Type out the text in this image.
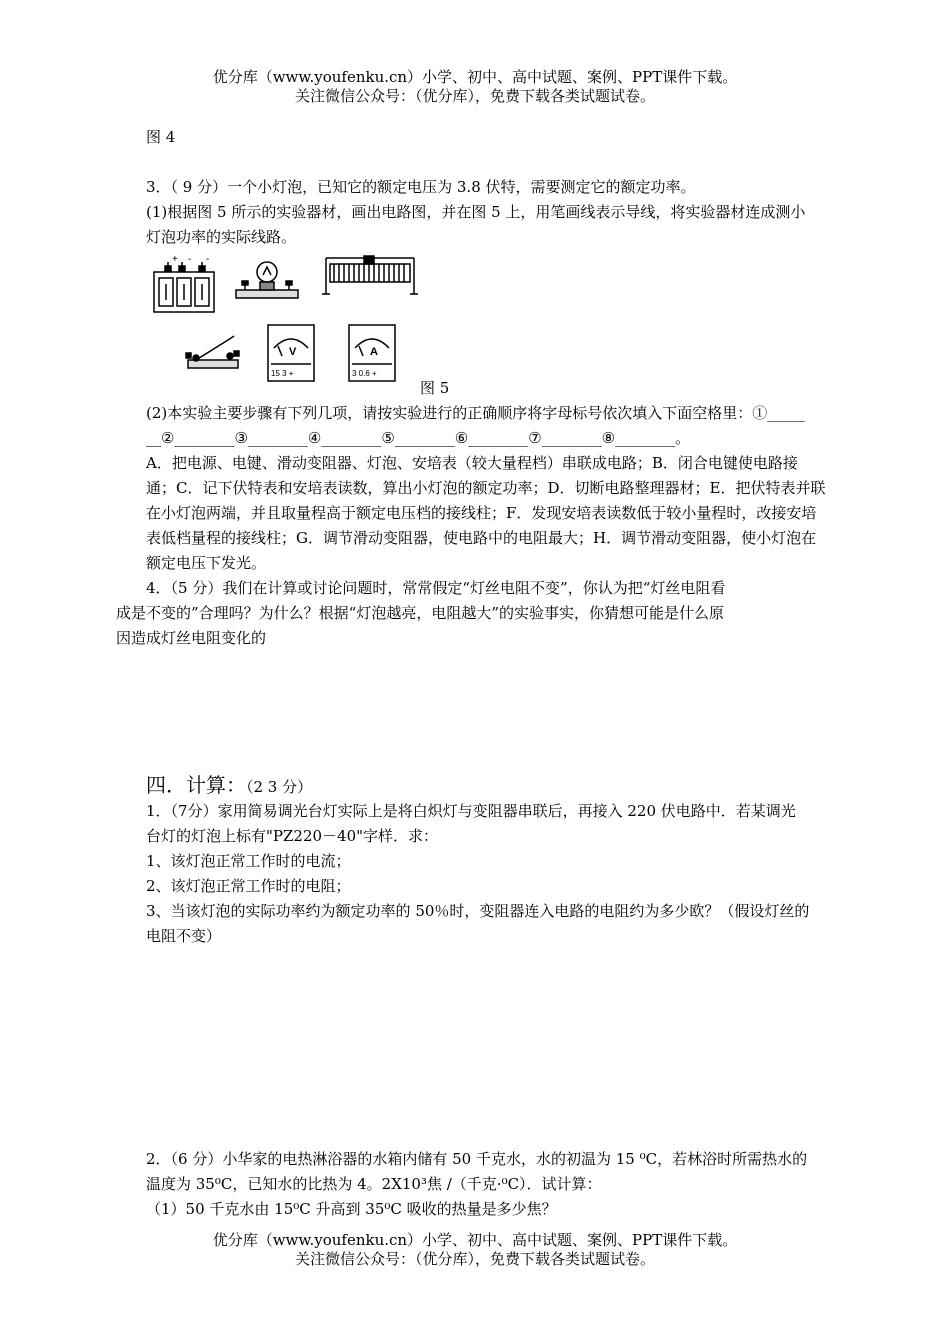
优分库（www.youfenku.cn）小学、初中、高中试题、案例、PPT课件下载。
关注微信公众号：（优分库），免费下载各类试题试卷。
图 4
3．（ 9 分）一个小灯泡，已知它的额定电压为 3.8 伏特，需要测定它的额定功率。
(1)根据图 5 所示的实验器材，画出电路图，并在图 5 上，用笔画线表示导线，将实验器材连成测小
灯泡功率的实际线路。
+ - -
V
15 3 +
A
3 0.6 +
图 5
(2)本实验主要步骤有下列几项，请按实验进行的正确顺序将字母标号依次填入下面空格里：①_____
__②________③________④________⑤________⑥________⑦________⑧________。
A．把电源、电键、滑动变阻器、灯泡、安培表（较大量程档）串联成电路；B．闭合电键使电路接
通；C．记下伏特表和安培表读数，算出小灯泡的额定功率；D．切断电路整理器材；E．把伏特表并联
在小灯泡两端，并且取量程高于额定电压档的接线柱；F．发现安培表读数低于较小量程时，改接安培
表低档量程的接线柱；G．调节滑动变阻器，使电路中的电阻最大；H．调节滑动变阻器，使小灯泡在
额定电压下发光。
4．（5 分）我们在计算或讨论问题时，常常假定“灯丝电阻不变”，你认为把“灯丝电阻看
成是不变的”合理吗？为什么？根据“灯泡越亮，电阻越大”的实验事实，你猜想可能是什么原
因造成灯丝电阻变化的
四．计算：（2 3 分）
1．（7分）家用简易调光台灯实际上是将白炽灯与变阻器串联后，再接入 220 伏电路中．若某调光
台灯的灯泡上标有"PZ220－40"字样．求：
1、该灯泡正常工作时的电流；
2、该灯泡正常工作时的电阻；
3、当该灯泡的实际功率约为额定功率的 50％时，变阻器连入电路的电阻约为多少欧？（假设灯丝的
电阻不变）
2．（6 分）小华家的电热淋浴器的水箱内储有 50 千克水，水的初温为 15 ⁰C，若林浴时所需热水的
温度为 35⁰C，已知水的比热为 4。2X10³焦 /（千克·⁰C）．试计算：
（1）50 千克水由 15⁰C 升高到 35⁰C 吸收的热量是多少焦？
优分库（www.youfenku.cn）小学、初中、高中试题、案例、PPT课件下载。
关注微信公众号：（优分库），免费下载各类试题试卷。
